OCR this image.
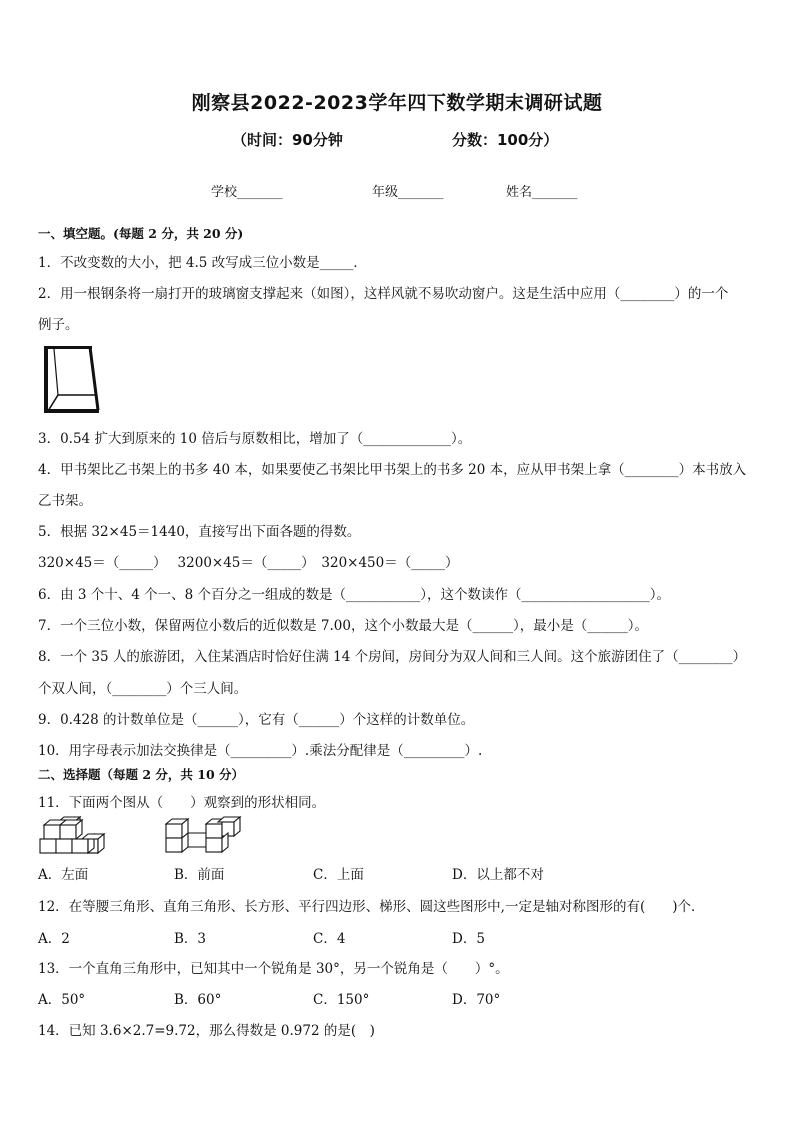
刚察县2022-2023学年四下数学期末调研试题
（时间：90分钟	分数：100分）
学校_______	年级_______	姓名_______
一、填空题。(每题 2 分，共 20 分)
1．不改变数的大小，把 4.5 改写成三位小数是_____．
2．用一根钢条将一扇打开的玻璃窗支撑起来（如图），这样风就不易吹动窗户。这是生活中应用（________）的一个
例子。
3．0.54 扩大到原来的 10 倍后与原数相比，增加了（_____________）。
4．甲书架比乙书架上的书多 40 本，如果要使乙书架比甲书架上的书多 20 本，应从甲书架上拿（________）本书放入
乙书架。
5．根据 32×45＝1440，直接写出下面各题的得数。
320×45＝（_____）　 3200×45＝（_____）　320×450＝（_____）
6．由 3 个十、4 个一、8 个百分之一组成的数是（___________），这个数读作（___________________）。
7．一个三位小数，保留两位小数后的近似数是 7.00，这个小数最大是（______），最小是（______）。
8．一个 35 人的旅游团，入住某酒店时恰好住满 14 个房间，房间分为双人间和三人间。这个旅游团住了（________）
个双人间，（________）个三人间。
9．0.428 的计数单位是（______），它有（______）个这样的计数单位。
10．用字母表示加法交换律是（_________）.乘法分配律是（_________）.
二、选择题（每题 2 分，共 10 分）
11．下面两个图从（　　）观察到的形状相同。
A．左面	B．前面	C．上面	D．以上都不对
12．在等腰三角形、直角三角形、长方形、平行四边形、梯形、圆这些图形中,一定是轴对称图形的有(　　)个．
A．2	B．3	C．4	D．5
13．一个直角三角形中，已知其中一个锐角是 30°，另一个锐角是（　　）°。
A．50°	B．60°	C．150°	D．70°
14．已知 3.6×2.7=9.72，那么得数是 0.972 的是(　)
